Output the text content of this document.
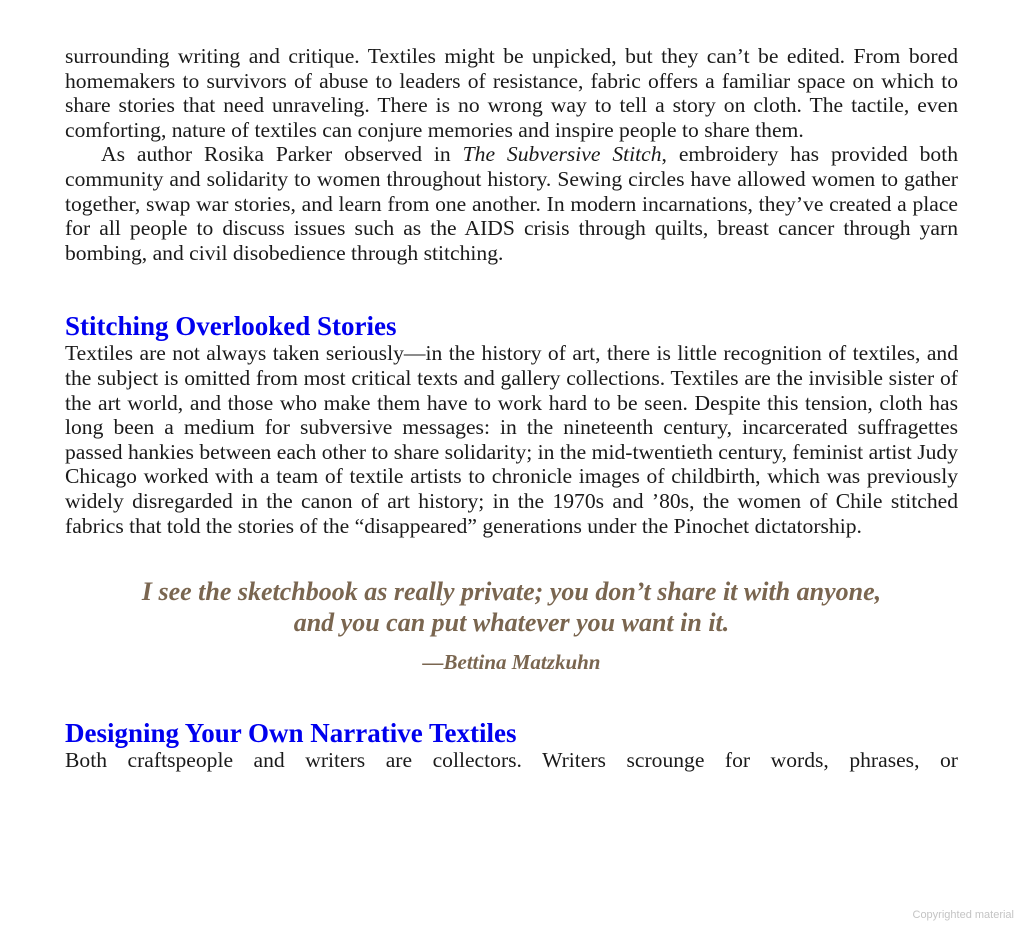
surrounding writing and critique. Textiles might be unpicked, but they can’t be edited. From bored homemakers to survivors of abuse to leaders of resistance, fabric offers a familiar space on which to share stories that need unraveling. There is no wrong way to tell a story on cloth. The tactile, even comforting, nature of textiles can conjure memories and inspire people to share them.

As author Rosika Parker observed in The Subversive Stitch, embroidery has provided both community and solidarity to women throughout history. Sewing circles have allowed women to gather together, swap war stories, and learn from one another. In modern incarnations, they’ve created a place for all people to discuss issues such as the AIDS crisis through quilts, breast cancer through yarn bombing, and civil disobedience through stitching.

Stitching Overlooked Stories

Textiles are not always taken seriously—in the history of art, there is little recognition of textiles, and the subject is omitted from most critical texts and gallery collections. Textiles are the invisible sister of the art world, and those who make them have to work hard to be seen. Despite this tension, cloth has long been a medium for subversive messages: in the nineteenth century, incarcerated suffragettes passed hankies between each other to share solidarity; in the mid-twentieth century, feminist artist Judy Chicago worked with a team of textile artists to chronicle images of childbirth, which was previously widely disregarded in the canon of art history; in the 1970s and ’80s, the women of Chile stitched fabrics that told the stories of the “disappeared” generations under the Pinochet dictatorship.

I see the sketchbook as really private; you don’t share it with anyone,
and you can put whatever you want in it.
—Bettina Matzkuhn
Designing Your Own Narrative Textiles

Both craftspeople and writers are collectors. Writers scrounge for words, phrases, or

Copyrighted material
